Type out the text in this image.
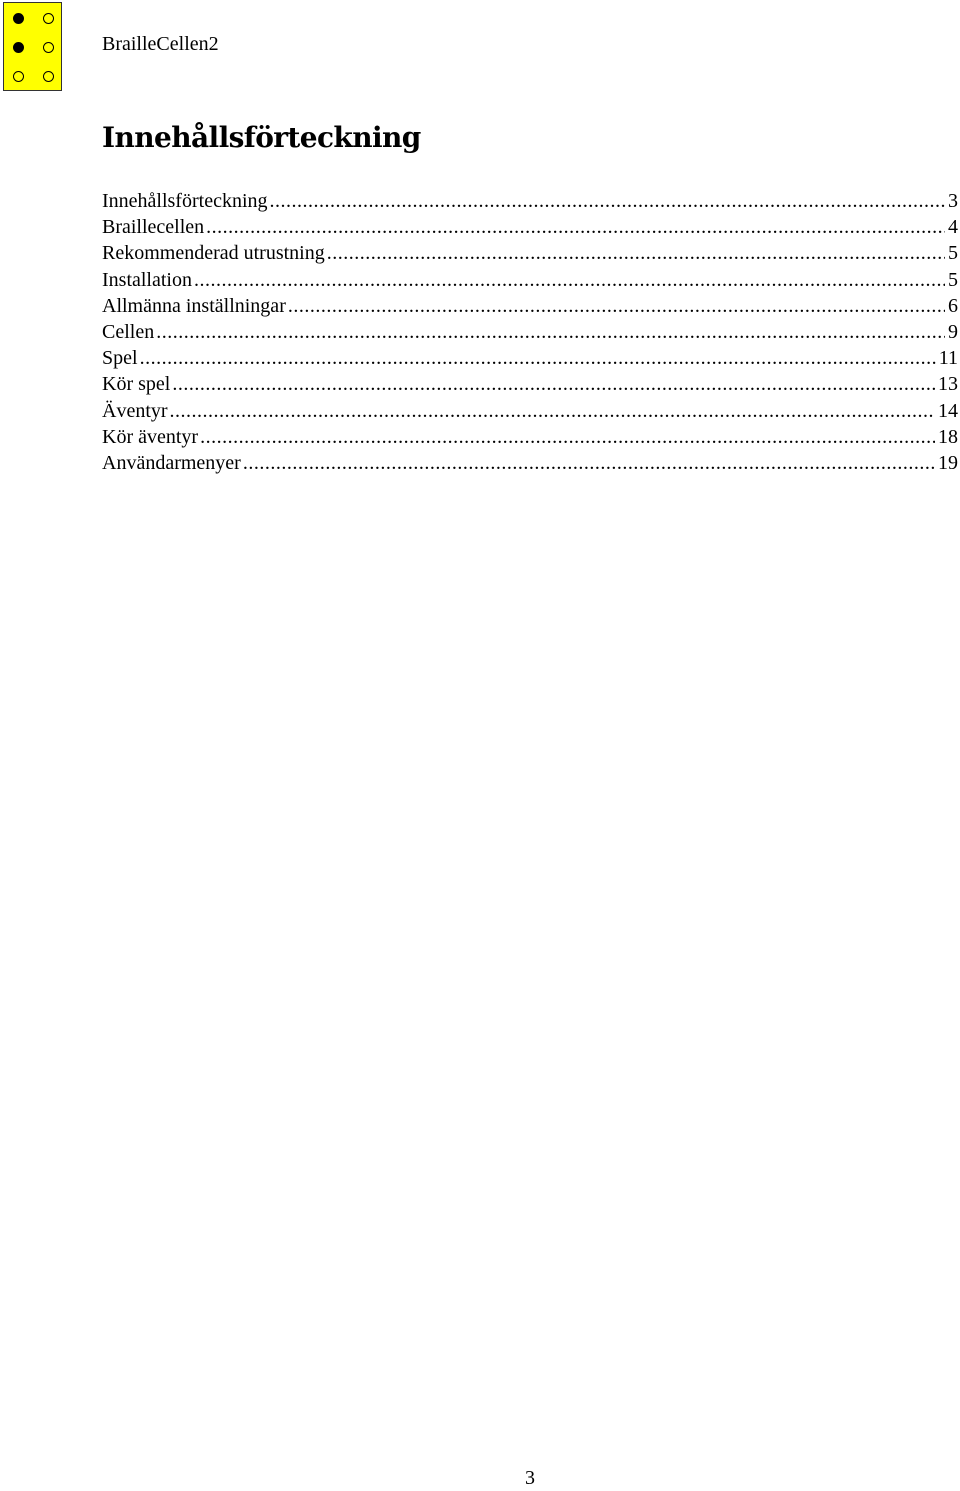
BrailleCellen2
Innehållsförteckning
Innehållsförteckning .....	3
Braillecellen .....	4
Rekommenderad utrustning .....	5
Installation .....	5
Allmänna inställningar .....	6
Cellen .....	9
Spel .....	11
Kör spel .....	13
Äventyr .....	14
Kör äventyr .....	18
Användarmenyer .....	19
3
